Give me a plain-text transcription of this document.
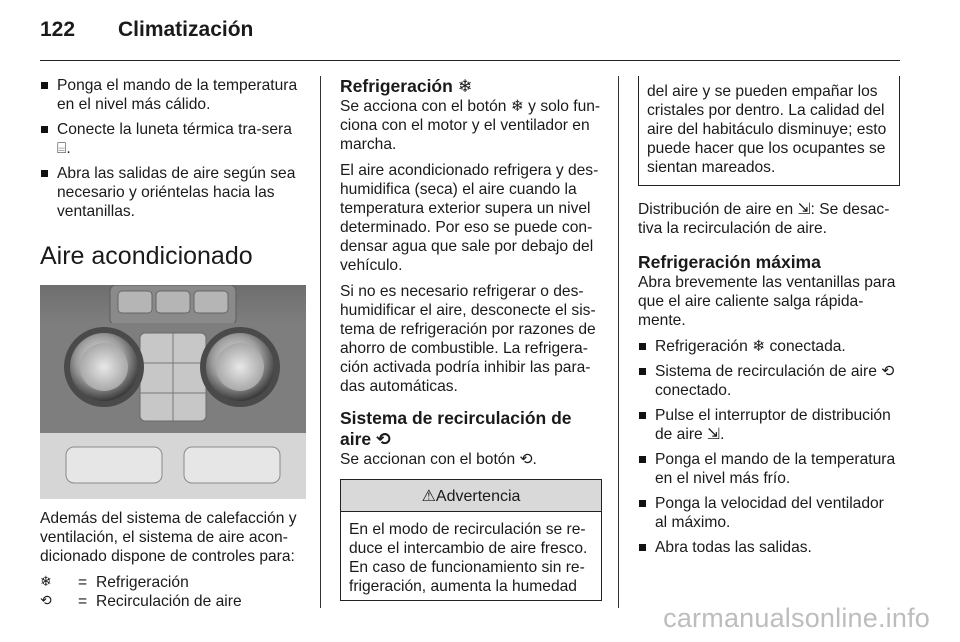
122 Climatización
Ponga el mando de la temperatura en el nivel más cálido.
Conecte la luneta térmica tra-sera ⌸.
Abra las salidas de aire según sea necesario y oriéntelas hacia las ventanillas.
Aire acondicionado

Además del sistema de calefacción y ventilación, el sistema de aire acon-dicionado dispone de controles para:

❄	= Refrigeración
⟲	= Recirculación de aire
Refrigeración ❄

Se acciona con el botón ❄ y solo fun-ciona con el motor y el ventilador en marcha.

El aire acondicionado refrigera y des-humidifica (seca) el aire cuando la temperatura exterior supera un nivel determinado. Por eso se puede con-densar agua que sale por debajo del vehículo.

Si no es necesario refrigerar o des-humidificar el aire, desconecte el sis-tema de refrigeración por razones de ahorro de combustible. La refrigera-ción activada podría inhibir las para-das automáticas.

Sistema de recirculación de aire ⟲

Se accionan con el botón ⟲.

⚠Advertencia
En el modo de recirculación se re-duce el intercambio de aire fresco. En caso de funcionamiento sin re-frigeración, aumenta la humedad
del aire y se pueden empañar los cristales por dentro. La calidad del aire del habitáculo disminuye; esto puede hacer que los ocupantes se sientan mareados.

Distribución de aire en ⇲: Se desac-tiva la recirculación de aire.

Refrigeración máxima

Abra brevemente las ventanillas para que el aire caliente salga rápida-mente.

Refrigeración ❄ conectada.
Sistema de recirculación de aire ⟲ conectado.
Pulse el interruptor de distribución de aire ⇲.
Ponga el mando de la temperatura en el nivel más frío.
Ponga la velocidad del ventilador al máximo.
Abra todas las salidas.
carmanualsonline.info
